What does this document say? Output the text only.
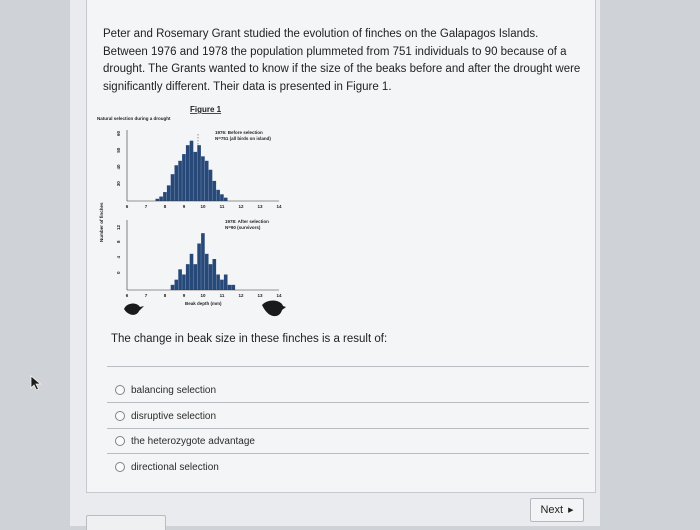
Peter and Rosemary Grant studied the evolution of finches on the Galapagos Islands. Between 1976 and 1978 the population plummeted from 751 individuals to 90 because of a drought. The Grants wanted to know if the size of the beaks before and after the drought were significantly different. Their data is presented in Figure 1.

Figure 1
Natural selection during a drought
Number of finches
1976: Before selection
N=751 (all birds on island)
1978: After selection
N=90 (survivors)
Beak depth (mm)
60
50
40
30
12
8
4
0
6	7	8	9	10	11	12	13	14
6	7	8	9	10	11	12	13	14
The change in beak size in these finches is a result of:
balancing selection
disruptive selection
the heterozygote advantage
directional selection
Next ▶
